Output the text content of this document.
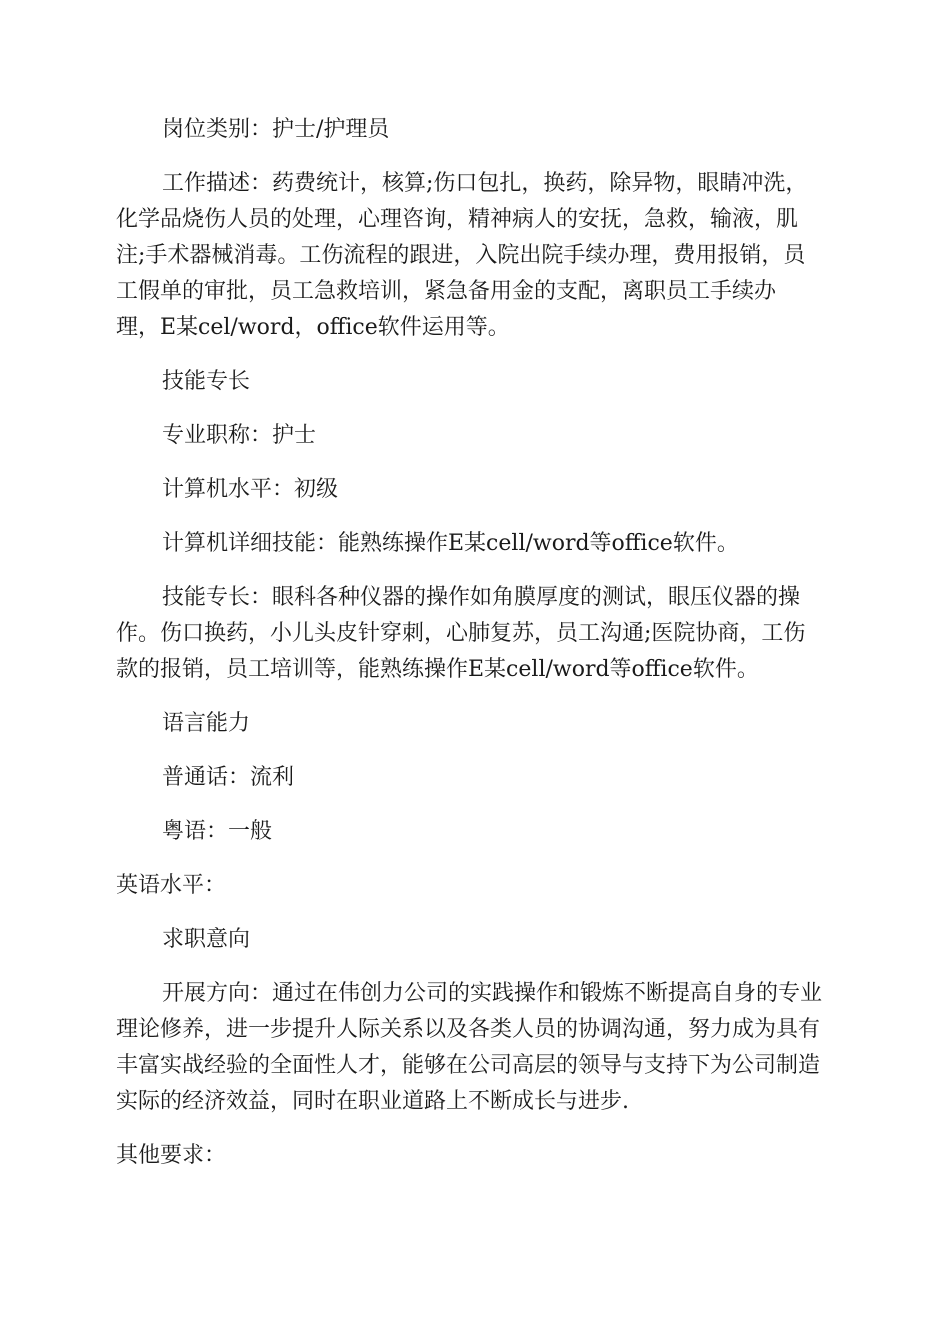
岗位类别：护士/护理员

工作描述：药费统计，核算;伤口包扎，换药，除异物，眼睛冲洗，
化学品烧伤人员的处理，心理咨询，精神病人的安抚，急救，输液，肌
注;手术器械消毒。工伤流程的跟进，入院出院手续办理，费用报销，员
工假单的审批，员工急救培训，紧急备用金的支配，离职员工手续办
理，E某cel/word，office软件运用等。

技能专长

专业职称：护士

计算机水平：初级

计算机详细技能：能熟练操作E某cell/word等office软件。

技能专长：眼科各种仪器的操作如角膜厚度的测试，眼压仪器的操
作。伤口换药，小儿头皮针穿刺，心肺复苏，员工沟通;医院协商，工伤
款的报销，员工培训等，能熟练操作E某cell/word等office软件。

语言能力

普通话：流利

粤语：一般

英语水平：

求职意向

开展方向：通过在伟创力公司的实践操作和锻炼不断提高自身的专业
理论修养，进一步提升人际关系以及各类人员的协调沟通，努力成为具有
丰富实战经验的全面性人才，能够在公司高层的领导与支持下为公司制造
实际的经济效益，同时在职业道路上不断成长与进步.

其他要求：
